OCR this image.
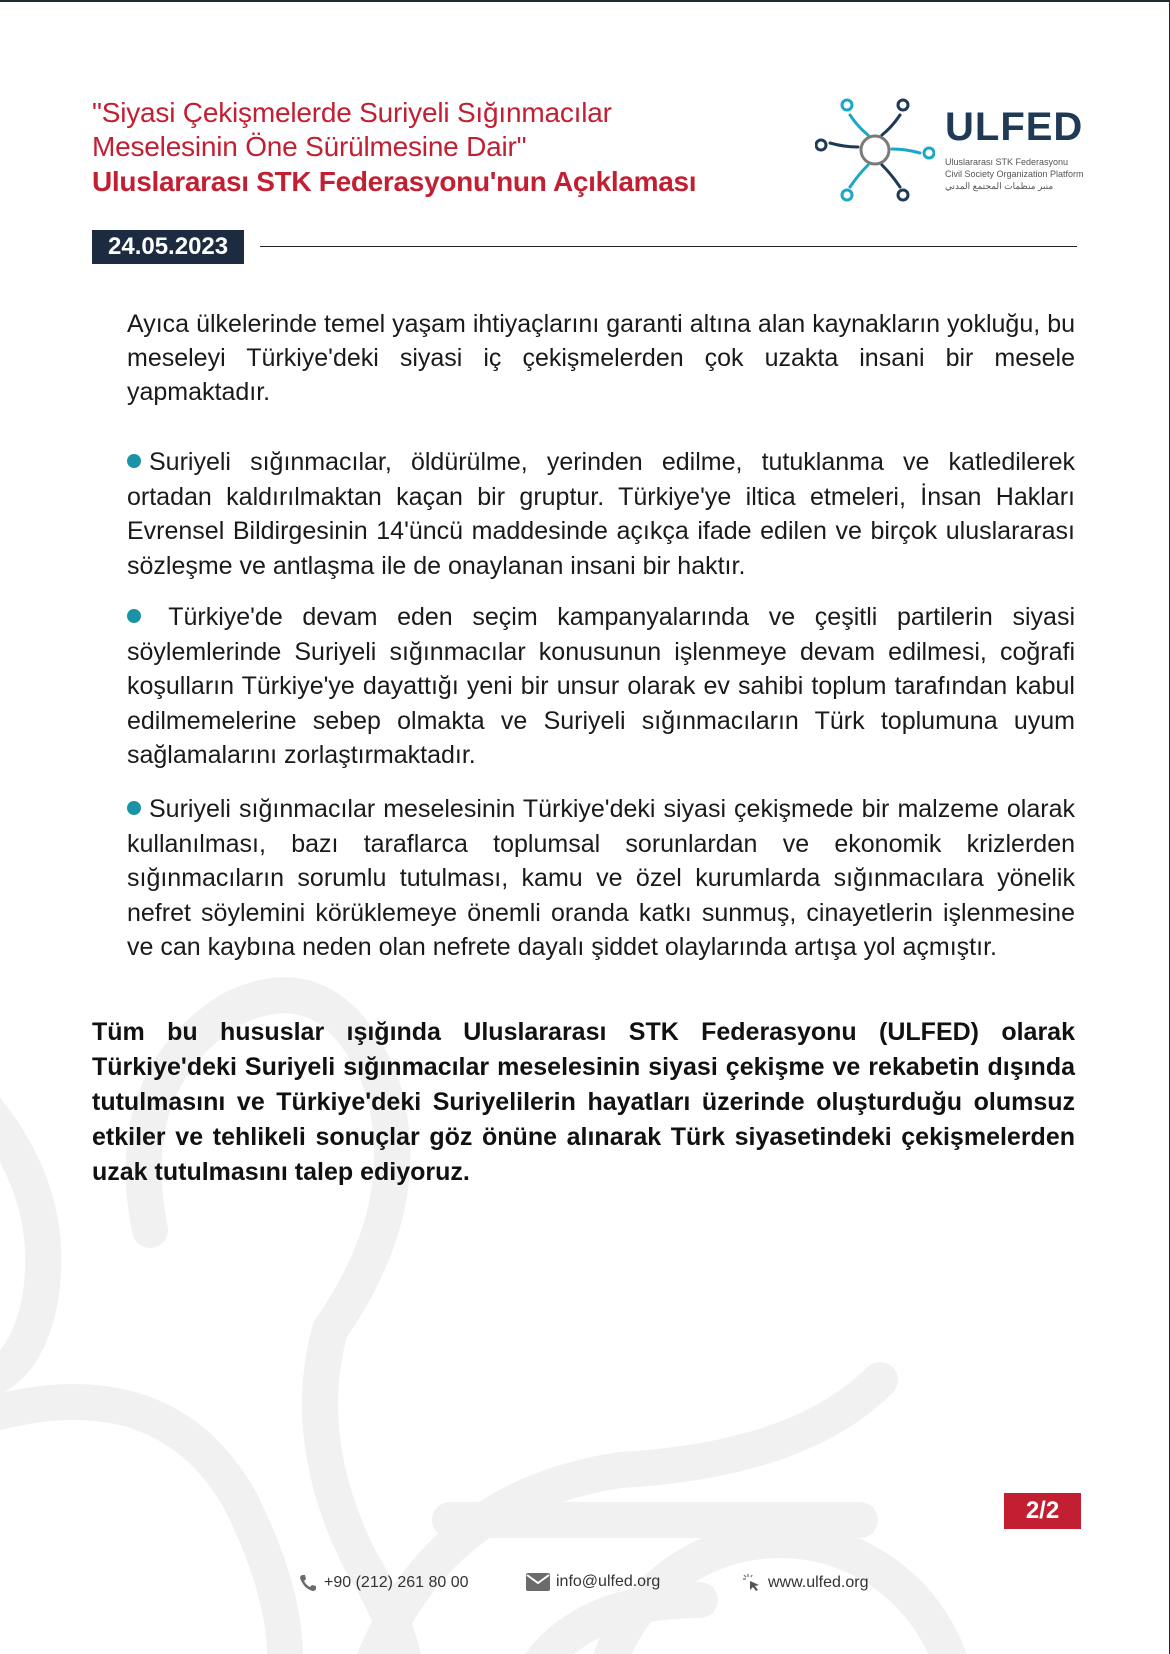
"Siyasi Çekişmelerde Suriyeli Sığınmacılar
Meselesinin Öne Sürülmesine Dair"
Uluslararası STK Federasyonu'nun Açıklaması
ULFED
Uluslararası STK Federasyonu
Civil Society Organization Platform
منبر منظمات المجتمع المدني
24.05.2023
Ayıca ülkelerinde temel yaşam ihtiyaçlarını garanti altına alan kaynakların yokluğu, bu meseleyi Türkiye'deki siyasi iç çekişmelerden çok uzakta insani bir mesele yapmaktadır.
Suriyeli sığınmacılar, öldürülme, yerinden edilme, tutuklanma ve katledilerek ortadan kaldırılmaktan kaçan bir gruptur. Türkiye'ye iltica etmeleri, İnsan Hakları Evrensel Bildirgesinin 14'üncü maddesinde açıkça ifade edilen ve birçok uluslararası sözleşme ve antlaşma ile de onaylanan insani bir haktır.
Türkiye'de devam eden seçim kampanyalarında ve çeşitli partilerin siyasi söylemlerinde Suriyeli sığınmacılar konusunun işlenmeye devam edilmesi, coğrafi koşulların Türkiye'ye dayattığı yeni bir unsur olarak ev sahibi toplum tarafından kabul edilmemelerine sebep olmakta ve Suriyeli sığınmacıların Türk toplumuna uyum sağlamalarını zorlaştırmaktadır.
Suriyeli sığınmacılar meselesinin Türkiye'deki siyasi çekişmede bir malzeme olarak kullanılması, bazı taraflarca toplumsal sorunlardan ve ekonomik krizlerden sığınmacıların sorumlu tutulması, kamu ve özel kurumlarda sığınmacılara yönelik nefret söylemini körüklemeye önemli oranda katkı sunmuş, cinayetlerin işlenmesine ve can kaybına neden olan nefrete dayalı şiddet olaylarında artışa yol açmıştır.
Tüm bu hususlar ışığında Uluslararası STK Federasyonu (ULFED) olarak Türkiye'deki Suriyeli sığınmacılar meselesinin siyasi çekişme ve rekabetin dışında tutulmasını ve Türkiye'deki Suriyelilerin hayatları üzerinde oluşturduğu olumsuz etkiler ve tehlikeli sonuçlar göz önüne alınarak Türk siyasetindeki çekişmelerden uzak tutulmasını talep ediyoruz.
2/2
+90 (212) 261 80 00	info@ulfed.org	www.ulfed.org
